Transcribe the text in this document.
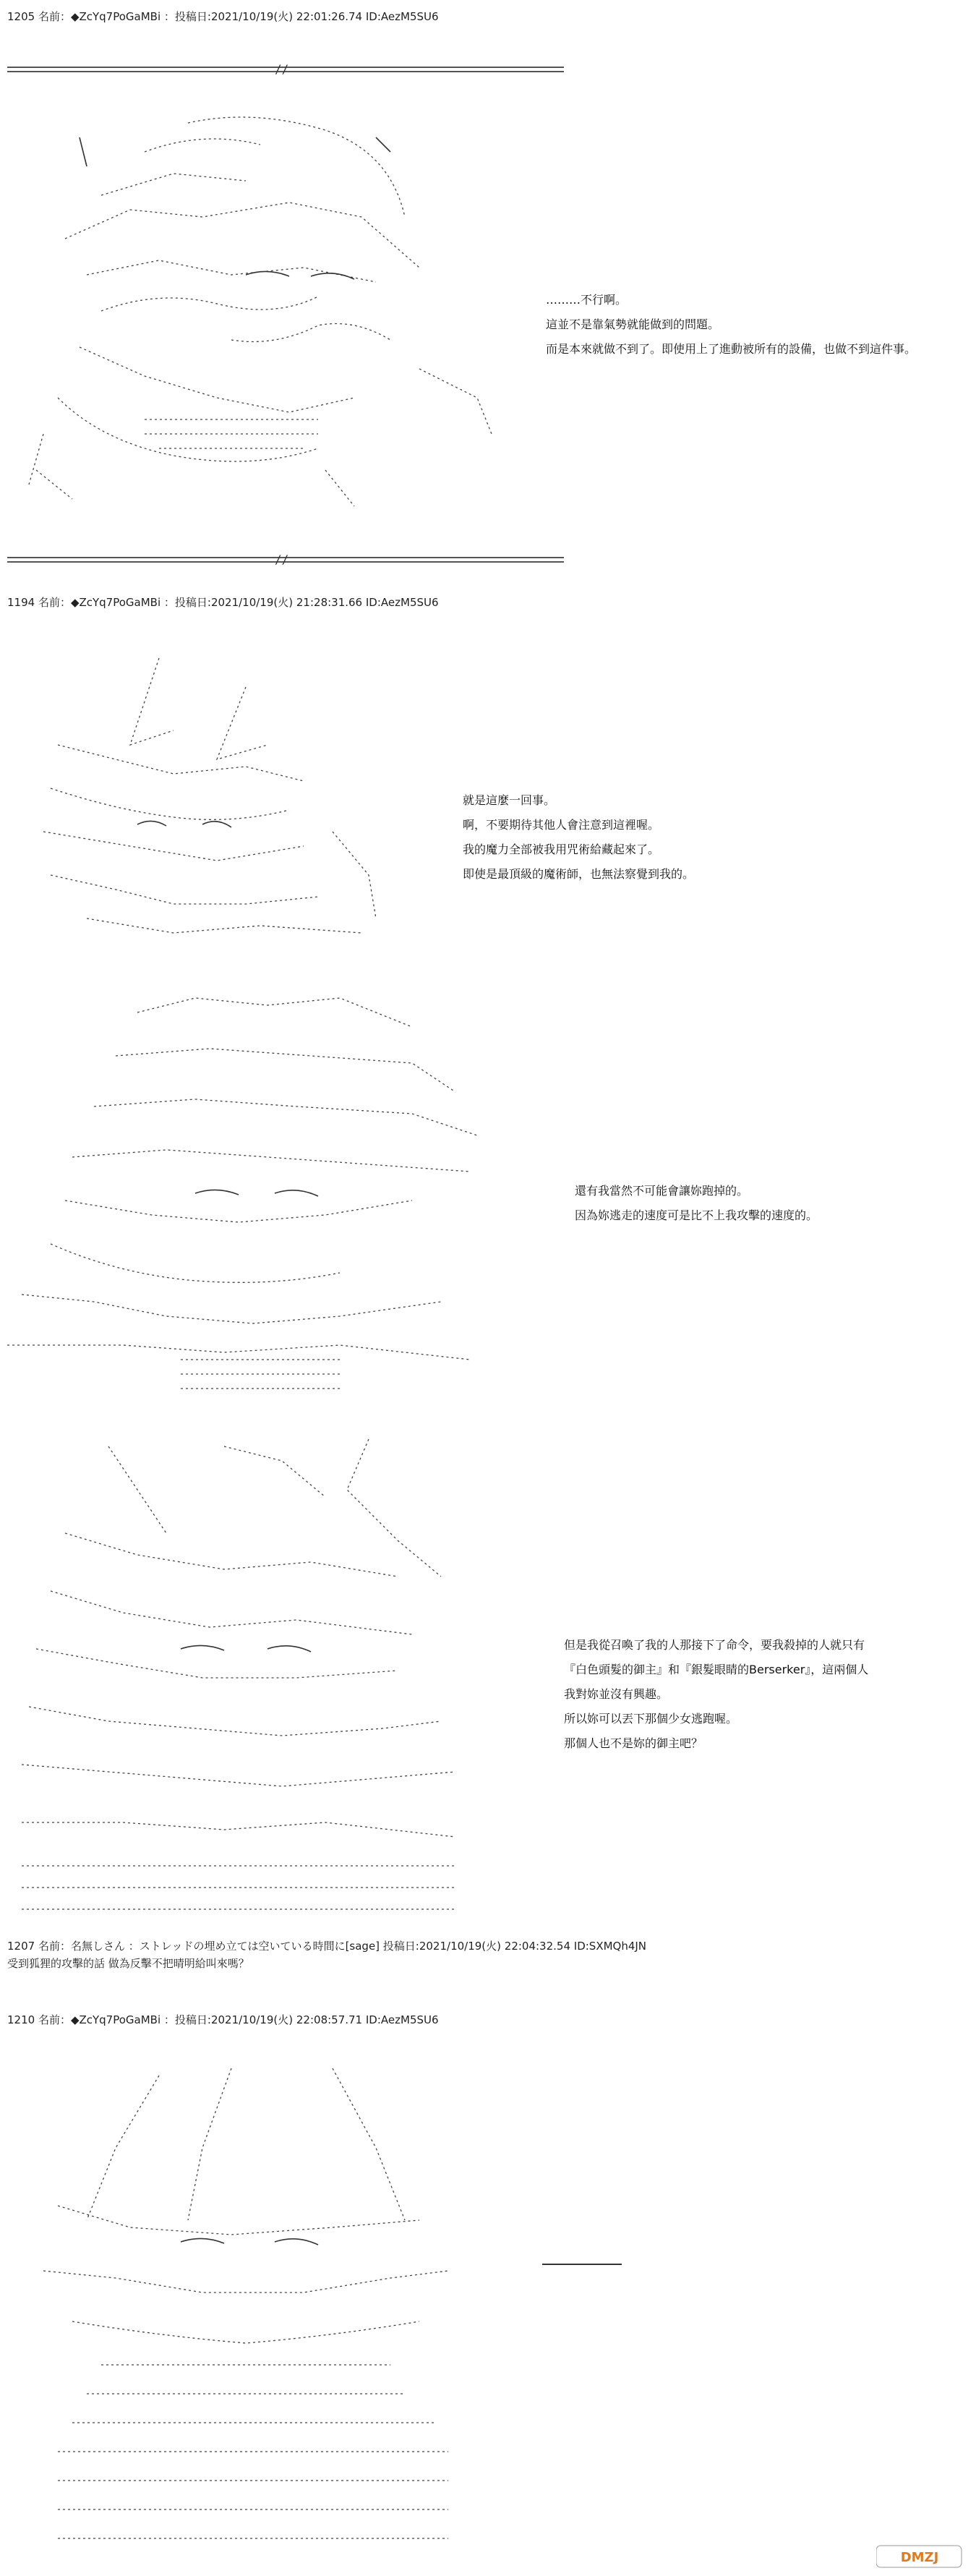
1205 名前：◆ZcYq7PoGaMBi ：投稿日:2021/10/19(火) 22:01:26.74 ID:AezM5SU6
//
………不行啊。
這並不是靠氣勢就能做到的問題。
而是本來就做不到了。即使用上了進動被所有的設備，也做不到這件事。
//
1194 名前：◆ZcYq7PoGaMBi ：投稿日:2021/10/19(火) 21:28:31.66 ID:AezM5SU6
就是這麼一回事。
啊，不要期待其他人會注意到這裡喔。
我的魔力全部被我用咒術給藏起來了。
即使是最頂級的魔術師，也無法察覺到我的。
還有我當然不可能會讓妳跑掉的。
因為妳逃走的速度可是比不上我攻擊的速度的。
但是我從召喚了我的人那接下了命令，要我殺掉的人就只有
『白色頭髮的御主』和『銀髮眼睛的Berserker』，這兩個人
我對妳並沒有興趣。
所以妳可以丟下那個少女逃跑喔。
那個人也不是妳的御主吧？
1207 名前：名無しさん ：ストレッドの埋め立ては空いている時間に[sage] 投稿日:2021/10/19(火) 22:04:32.54 ID:SXMQh4JN
受到狐狸的攻擊的話 做為反擊不把晴明給叫來嗎？
1210 名前：◆ZcYq7PoGaMBi ：投稿日:2021/10/19(火) 22:08:57.71 ID:AezM5SU6
DMZJ
